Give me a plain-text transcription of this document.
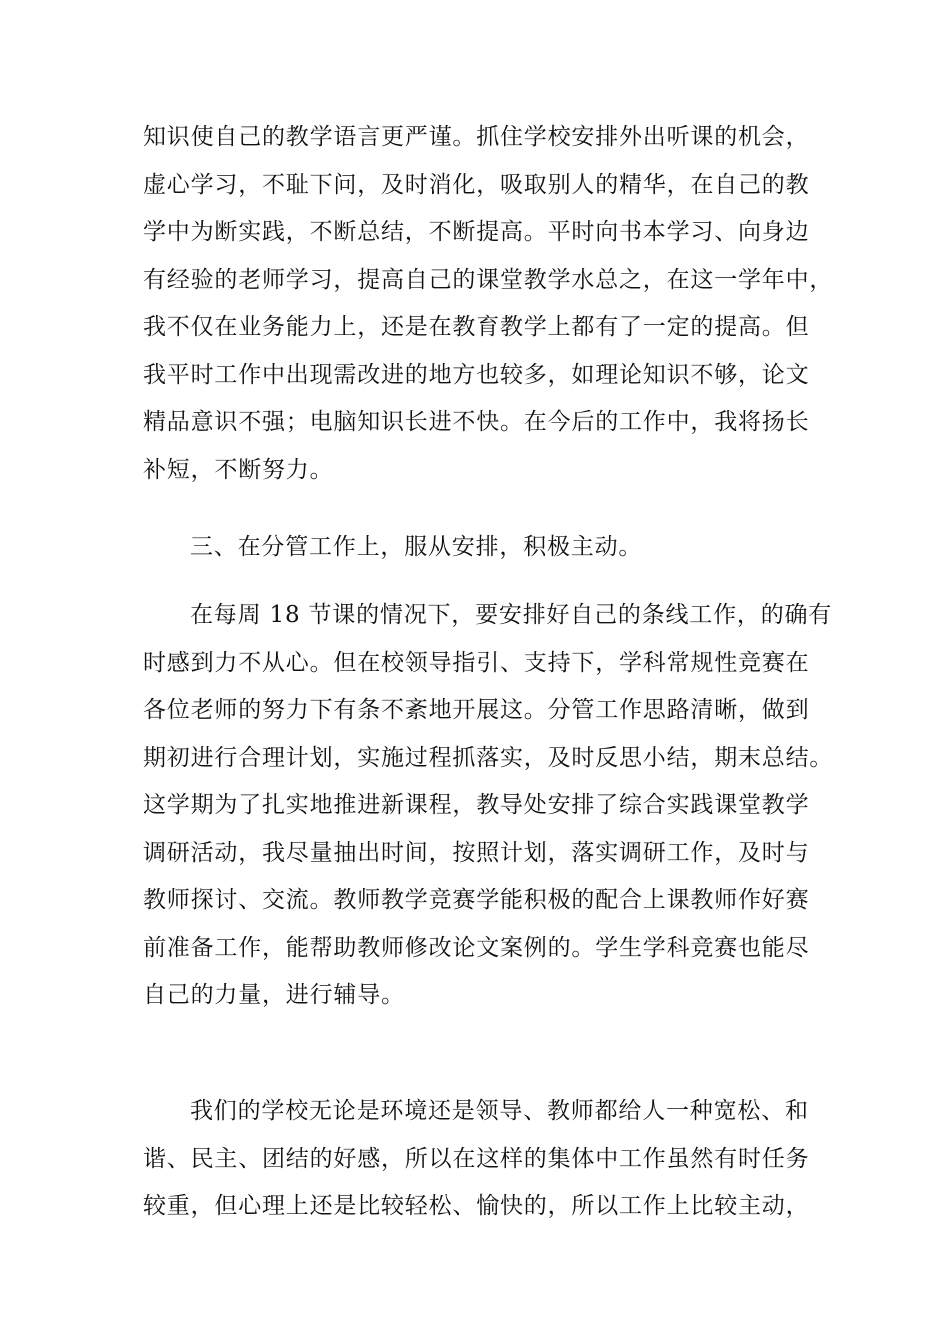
知识使自己的教学语言更严谨。抓住学校安排外出听课的机会，
虚心学习，不耻下问，及时消化，吸取别人的精华，在自己的教
学中为断实践，不断总结，不断提高。平时向书本学习、向身边
有经验的老师学习，提高自己的课堂教学水总之，在这一学年中，
我不仅在业务能力上，还是在教育教学上都有了一定的提高。但
我平时工作中出现需改进的地方也较多，如理论知识不够，论文
精品意识不强；电脑知识长进不快。在今后的工作中，我将扬长
补短，不断努力。
三、在分管工作上，服从安排，积极主动。
在每周 18 节课的情况下，要安排好自己的条线工作，的确有
时感到力不从心。但在校领导指引、支持下，学科常规性竞赛在
各位老师的努力下有条不紊地开展这。分管工作思路清晰，做到
期初进行合理计划，实施过程抓落实，及时反思小结，期末总结。
这学期为了扎实地推进新课程，教导处安排了综合实践课堂教学
调研活动，我尽量抽出时间，按照计划，落实调研工作，及时与
教师探讨、交流。教师教学竞赛学能积极的配合上课教师作好赛
前准备工作，能帮助教师修改论文案例的。学生学科竞赛也能尽
自己的力量，进行辅导。
我们的学校无论是环境还是领导、教师都给人一种宽松、和
谐、民主、团结的好感，所以在这样的集体中工作虽然有时任务
较重，但心理上还是比较轻松、愉快的，所以工作上比较主动，
